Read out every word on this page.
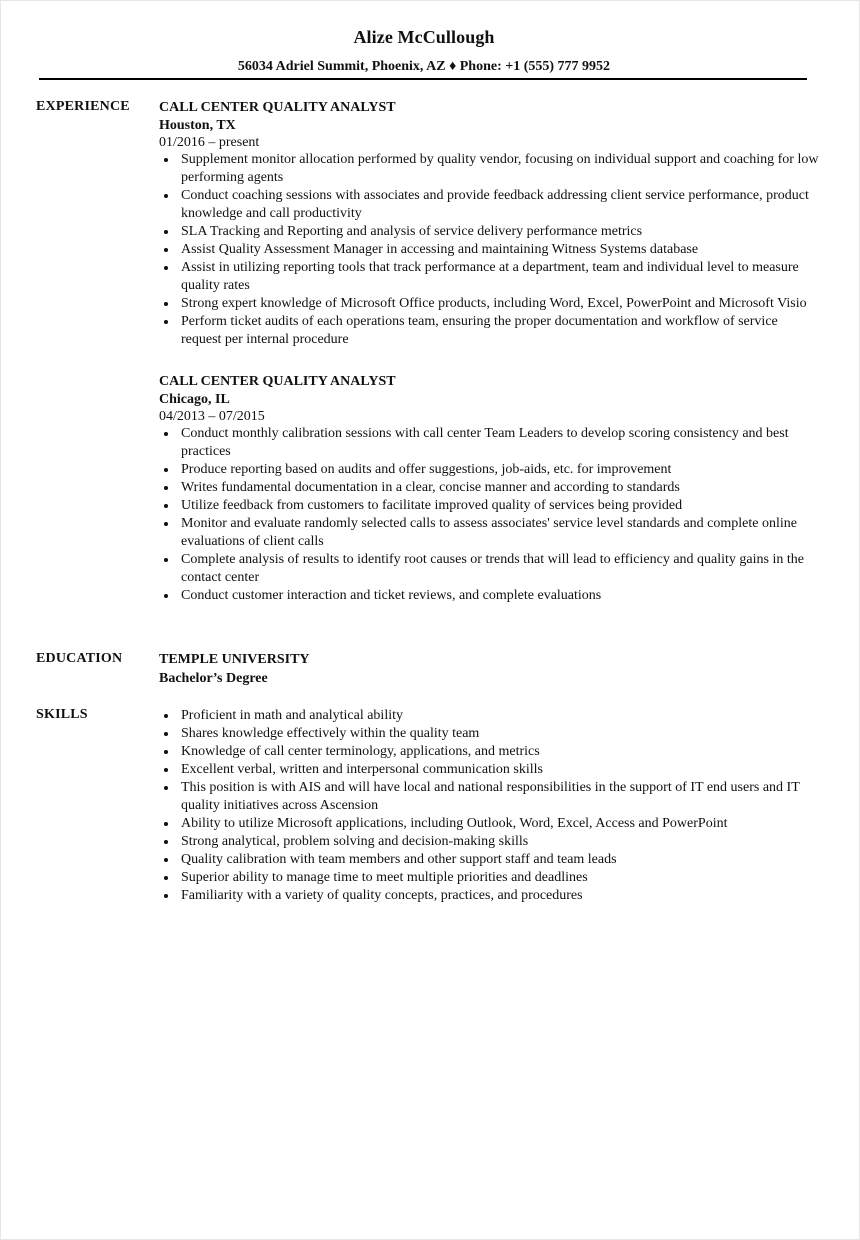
Alize McCullough
56034 Adriel Summit, Phoenix, AZ ♦ Phone: +1 (555) 777 9952
EXPERIENCE CALL CENTER QUALITY ANALYST
Houston, TX
01/2016 – present
Supplement monitor allocation performed by quality vendor, focusing on individual support and coaching for low performing agents
Conduct coaching sessions with associates and provide feedback addressing client service performance, product knowledge and call productivity
SLA Tracking and Reporting and analysis of service delivery performance metrics
Assist Quality Assessment Manager in accessing and maintaining Witness Systems database
Assist in utilizing reporting tools that track performance at a department, team and individual level to measure quality rates
Strong expert knowledge of Microsoft Office products, including Word, Excel, PowerPoint and Microsoft Visio
Perform ticket audits of each operations team, ensuring the proper documentation and workflow of service request per internal procedure
CALL CENTER QUALITY ANALYST
Chicago, IL
04/2013 – 07/2015
Conduct monthly calibration sessions with call center Team Leaders to develop scoring consistency and best practices
Produce reporting based on audits and offer suggestions, job-aids, etc. for improvement
Writes fundamental documentation in a clear, concise manner and according to standards
Utilize feedback from customers to facilitate improved quality of services being provided
Monitor and evaluate randomly selected calls to assess associates' service level standards and complete online evaluations of client calls
Complete analysis of results to identify root causes or trends that will lead to efficiency and quality gains in the contact center
Conduct customer interaction and ticket reviews, and complete evaluations
EDUCATION	TEMPLE UNIVERSITY
Bachelor’s Degree
SKILLS	Proficient in math and analytical ability
Shares knowledge effectively within the quality team
Knowledge of call center terminology, applications, and metrics
Excellent verbal, written and interpersonal communication skills
This position is with AIS and will have local and national responsibilities in the support of IT end users and IT quality initiatives across Ascension
Ability to utilize Microsoft applications, including Outlook, Word, Excel, Access and PowerPoint
Strong analytical, problem solving and decision-making skills
Quality calibration with team members and other support staff and team leads
Superior ability to manage time to meet multiple priorities and deadlines
Familiarity with a variety of quality concepts, practices, and procedures
